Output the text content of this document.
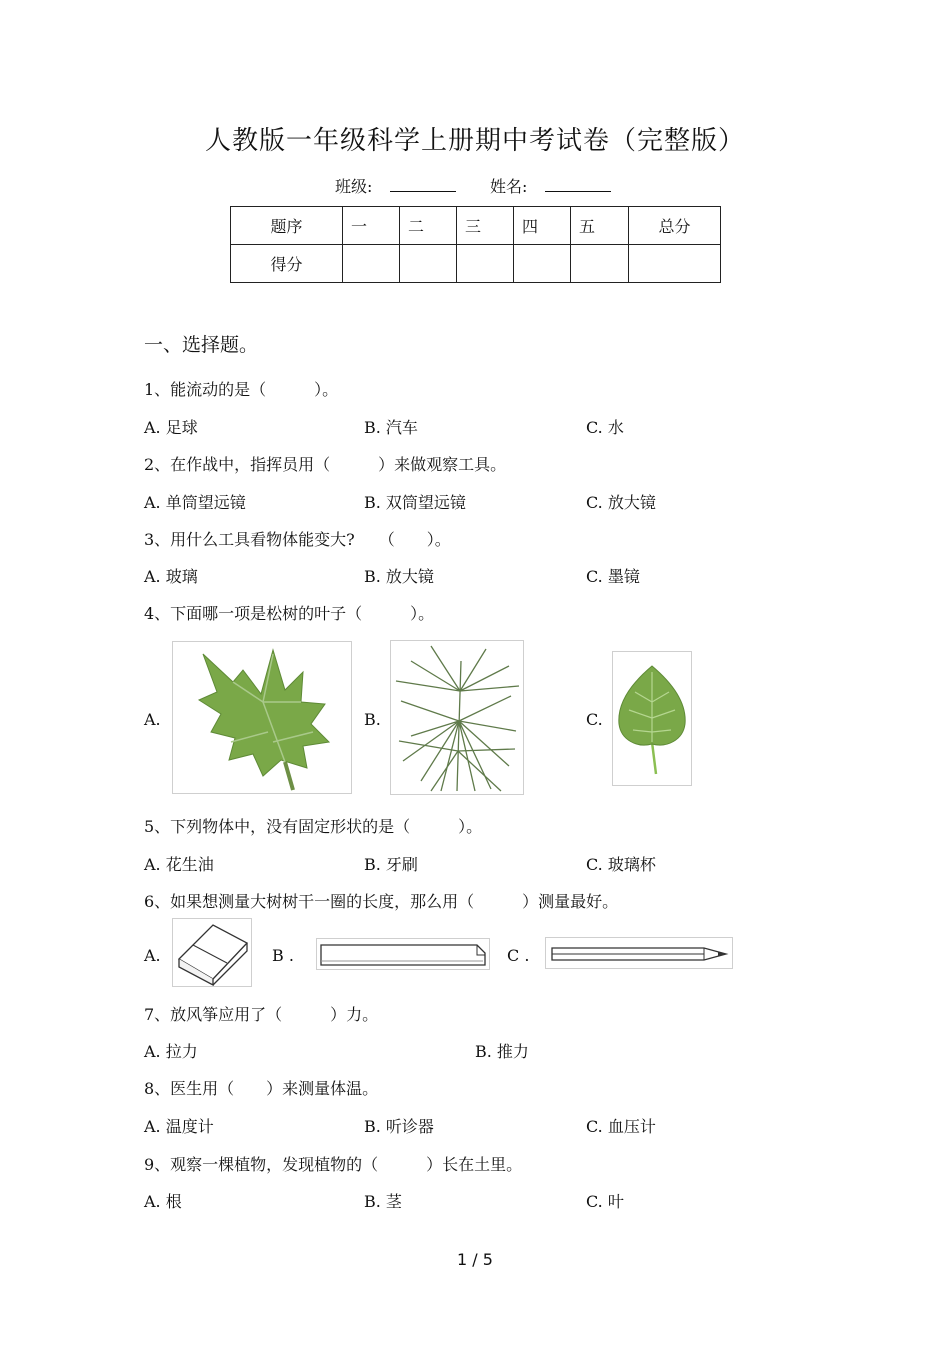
人教版一年级科学上册期中考试卷（完整版）
班级:	姓名:
题序	一	二	三	四	五	总分
得分						
一、选择题。
1、能流动的是（　　　）。
A. 足球	B. 汽车	C. 水
2、在作战中，指挥员用（　　　）来做观察工具。
A. 单筒望远镜	B. 双筒望远镜	C. 放大镜
3、用什么工具看物体能变大?　　（　　）。
A. 玻璃	B. 放大镜	C. 墨镜
4、下面哪一项是松树的叶子（　　　）。
A.	B.	C.
5、下列物体中，没有固定形状的是（　　　）。
A. 花生油	B. 牙刷	C. 玻璃杯
6、如果想测量大树树干一圈的长度，那么用（　　　）测量最好。
A.	B .	C .
7、放风筝应用了（　　　）力。
A. 拉力	B. 推力
8、医生用（　　）来测量体温。
A. 温度计	B. 听诊器	C. 血压计
9、观察一棵植物，发现植物的（　　　）长在土里。
A. 根	B. 茎	C. 叶
1 / 5
